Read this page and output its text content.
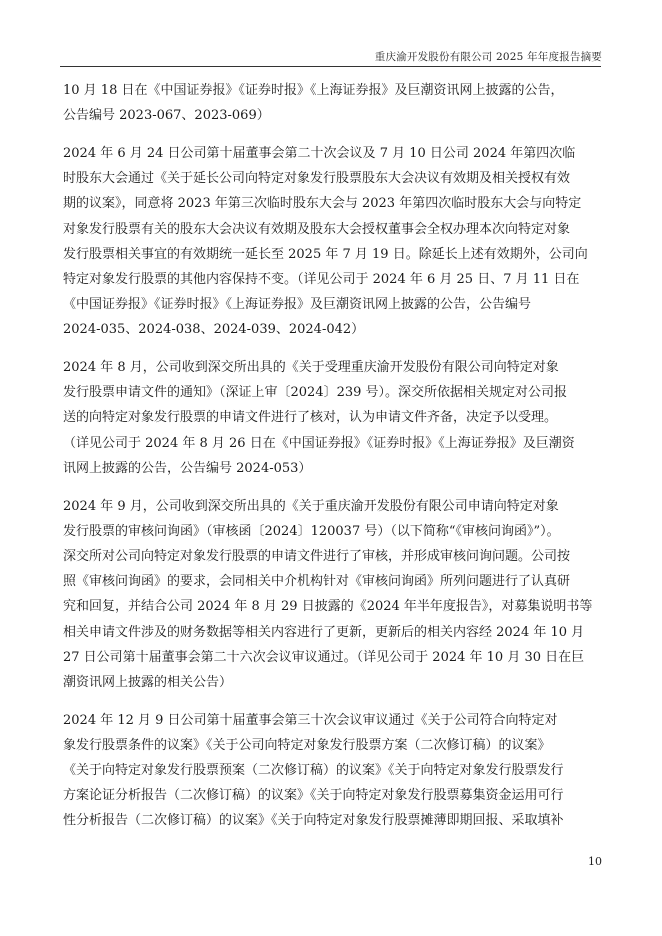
重庆渝开发股份有限公司 2025 年年度报告摘要

10 月 18 日在《中国证券报》《证券时报》《上海证券报》及巨潮资讯网上披露的公告，
公告编号 2023-067、2023-069）

2024 年 6 月 24 日公司第十届董事会第二十次会议及 7 月 10 日公司 2024 年第四次临
时股东大会通过《关于延长公司向特定对象发行股票股东大会决议有效期及相关授权有效
期的议案》，同意将 2023 年第三次临时股东大会与 2023 年第四次临时股东大会与向特定
对象发行股票有关的股东大会决议有效期及股东大会授权董事会全权办理本次向特定对象
发行股票相关事宜的有效期统一延长至 2025 年 7 月 19 日。除延长上述有效期外，公司向
特定对象发行股票的其他内容保持不变。（详见公司于 2024 年 6 月 25 日、7 月 11 日在
《中国证券报》《证券时报》《上海证券报》及巨潮资讯网上披露的公告，公告编号
2024-035、2024-038、2024-039、2024-042）

2024 年 8 月，公司收到深交所出具的《关于受理重庆渝开发股份有限公司向特定对象
发行股票申请文件的通知》（深证上审〔2024〕239 号）。深交所依据相关规定对公司报
送的向特定对象发行股票的申请文件进行了核对，认为申请文件齐备，决定予以受理。
（详见公司于 2024 年 8 月 26 日在《中国证券报》《证券时报》《上海证券报》及巨潮资
讯网上披露的公告，公告编号 2024-053）

2024 年 9 月，公司收到深交所出具的《关于重庆渝开发股份有限公司申请向特定对象
发行股票的审核问询函》（审核函〔2024〕120037 号）（以下简称“《审核问询函》”）。
深交所对公司向特定对象发行股票的申请文件进行了审核，并形成审核问询问题。公司按
照《审核问询函》的要求，会同相关中介机构针对《审核问询函》所列问题进行了认真研
究和回复，并结合公司 2024 年 8 月 29 日披露的《2024 年半年度报告》，对募集说明书等
相关申请文件涉及的财务数据等相关内容进行了更新，更新后的相关内容经 2024 年 10 月
27 日公司第十届董事会第二十六次会议审议通过。（详见公司于 2024 年 10 月 30 日在巨
潮资讯网上披露的相关公告）

2024 年 12 月 9 日公司第十届董事会第三十次会议审议通过《关于公司符合向特定对
象发行股票条件的议案》《关于公司向特定对象发行股票方案（二次修订稿）的议案》
《关于向特定对象发行股票预案（二次修订稿）的议案》《关于向特定对象发行股票发行
方案论证分析报告（二次修订稿）的议案》《关于向特定对象发行股票募集资金运用可行
性分析报告（二次修订稿）的议案》《关于向特定对象发行股票摊薄即期回报、采取填补

10
